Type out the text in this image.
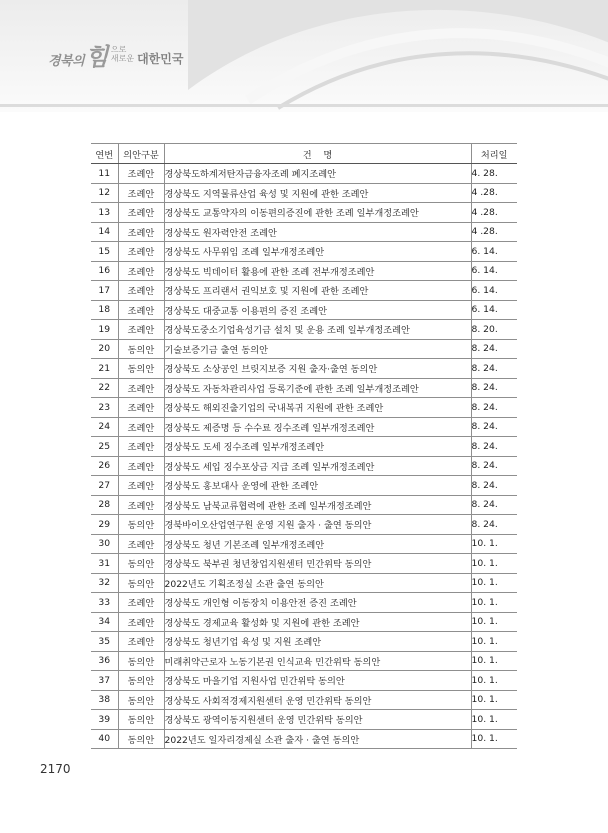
경북의힘 으로
새로운 대한민국
연번	의안구분	건    명	처리일
11	조례안	경상북도하계저탄자금융자조례 폐지조례안	4. 28.
12	조례안	경상북도 지역물류산업 육성 및 지원에 관한 조례안	4 .28.
13	조례안	경상북도 교통약자의 이동편의증진에 관한 조례 일부개정조례안	4 .28.
14	조례안	경상북도 원자력안전 조례안	4 .28.
15	조례안	경상북도 사무위임 조례 일부개정조례안	6. 14.
16	조례안	경상북도 빅데이터 활용에 관한 조례 전부개정조례안	6. 14.
17	조례안	경상북도 프리랜서 권익보호 및 지원에 관한 조례안	6. 14.
18	조례안	경상북도 대중교통 이용편의 증진 조례안	6. 14.
19	조례안	경상북도중소기업육성기금 설치 및 운용 조례 일부개정조례안	8. 20.
20	동의안	기술보증기금 출연 동의안	8. 24.
21	동의안	경상북도 소상공인 브릿지보증 지원 출자·출연 동의안	8. 24.
22	조례안	경상북도 자동차관리사업 등록기준에 관한 조례 일부개정조례안	8. 24.
23	조례안	경상북도 해외진출기업의 국내복귀 지원에 관한 조례안	8. 24.
24	조례안	경상북도 제증명 등 수수료 징수조례 일부개정조례안	8. 24.
25	조례안	경상북도 도세 징수조례 일부개정조례안	8. 24.
26	조례안	경상북도 세입 징수포상금 지급 조례 일부개정조례안	8. 24.
27	조례안	경상북도 홍보대사 운영에 관한 조례안	8. 24.
28	조례안	경상북도 남북교류협력에 관한 조례 일부개정조례안	8. 24.
29	동의안	경북바이오산업연구원 운영 지원 출자 · 출연 동의안	8. 24.
30	조례안	경상북도 청년 기본조례 일부개정조례안	10. 1.
31	동의안	경상북도 북부권 청년창업지원센터 민간위탁 동의안	10. 1.
32	동의안	2022년도 기획조정실 소관 출연 동의안	10. 1.
33	조례안	경상북도 개인형 이동장치 이용안전 증진 조례안	10. 1.
34	조례안	경상북도 경제교육 활성화 및 지원에 관한 조례안	10. 1.
35	조례안	경상북도 청년기업 육성 및 지원 조례안	10. 1.
36	동의안	미래취약근로자 노동기본권 인식교육 민간위탁 동의안	10. 1.
37	동의안	경상북도 마을기업 지원사업 민간위탁 동의안	10. 1.
38	동의안	경상북도 사회적경제지원센터 운영 민간위탁 동의안	10. 1.
39	동의안	경상북도 광역이동지원센터 운영 민간위탁 동의안	10. 1.
40	동의안	2022년도 일자리경제실 소관 출자 · 출연 동의안	10. 1.
2170
